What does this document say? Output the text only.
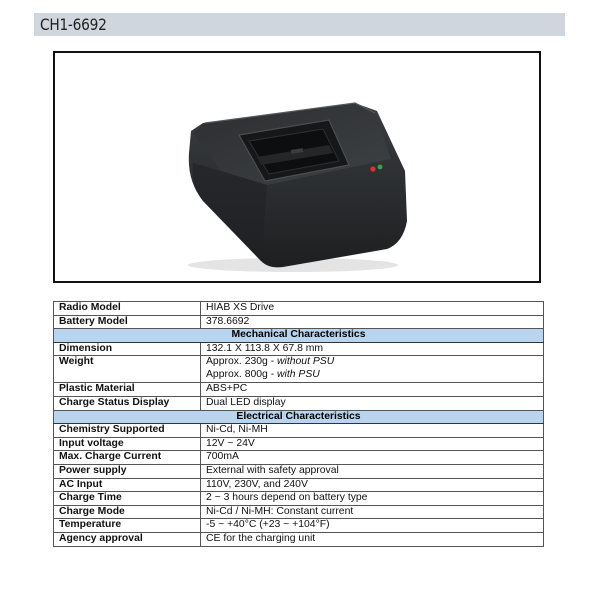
CH1-6692
Radio Model	HIAB XS Drive
Battery Model	378.6692
Mechanical Characteristics	
Dimension	132.1 X 113.8 X 67.8 mm
Weight	Approx. 230g - without PSU
Approx. 800g - with PSU

Plastic Material	ABS+PC
Charge Status Display	Dual LED display
Electrical Characteristics	
Chemistry Supported	Ni-Cd, Ni-MH
Input voltage	12V ~ 24V
Max. Charge Current	700mA
Power supply	External with safety approval
AC Input	110V, 230V, and 240V
Charge Time	2 ~ 3 hours depend on battery type
Charge Mode	Ni-Cd / Ni-MH: Constant current
Temperature	-5 ~ +40°C (+23 ~ +104°F)
Agency approval	CE for the charging unit
